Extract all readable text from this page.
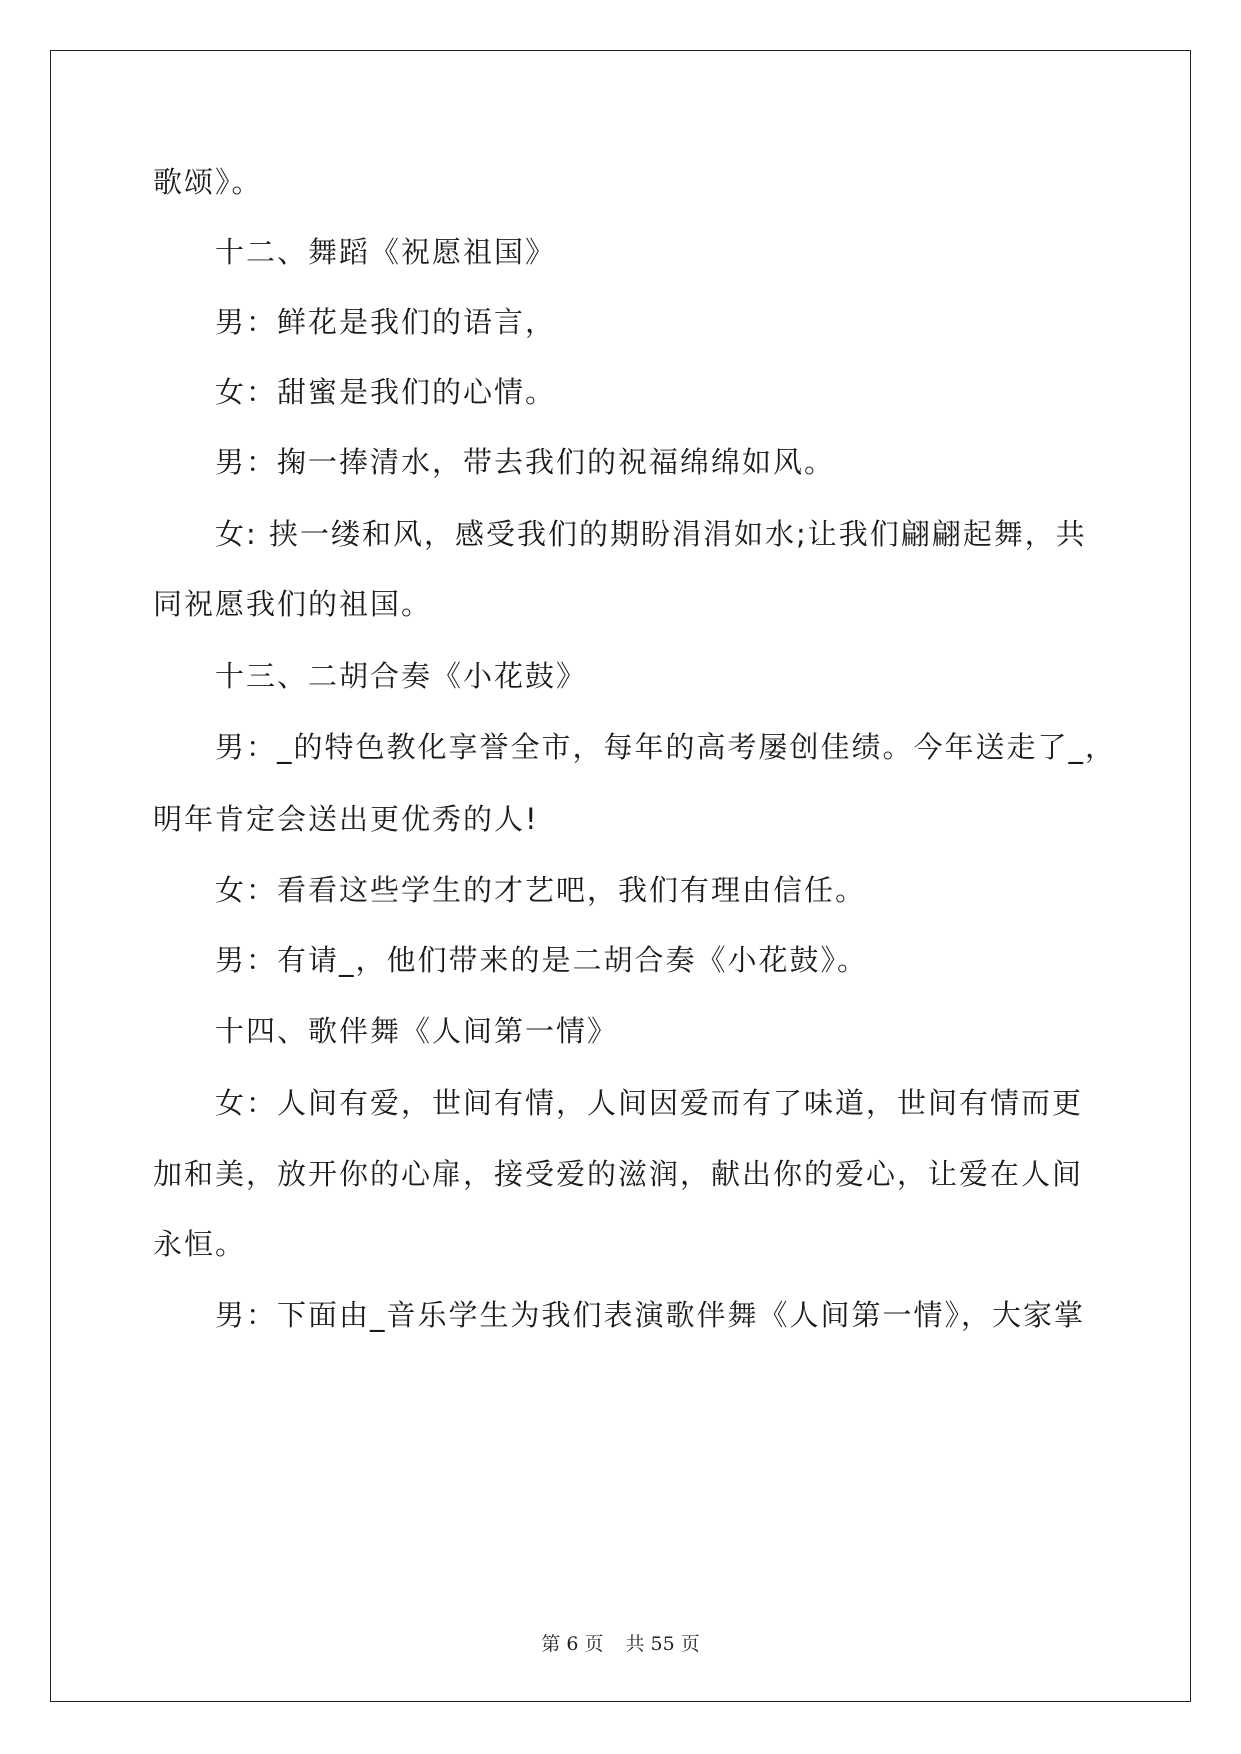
歌颂》。
十二、舞蹈《祝愿祖国》
男：鲜花是我们的语言，
女：甜蜜是我们的心情。
男：掬一捧清水，带去我们的祝福绵绵如风。
女: 挟一缕和风，感受我们的期盼涓涓如水;让我们翩翩起舞，共
同祝愿我们的祖国。
十三、二胡合奏《小花鼓》
男：_的特色教化享誉全市，每年的高考屡创佳绩。今年送走了_，
明年肯定会送出更优秀的人!
女：看看这些学生的才艺吧，我们有理由信任。
男：有请_，他们带来的是二胡合奏《小花鼓》。
十四、歌伴舞《人间第一情》
女：人间有爱，世间有情，人间因爱而有了味道，世间有情而更
加和美，放开你的心扉，接受爱的滋润，献出你的爱心，让爱在人间
永恒。
男：下面由_音乐学生为我们表演歌伴舞《人间第一情》，大家掌
第 6 页 共 55 页
